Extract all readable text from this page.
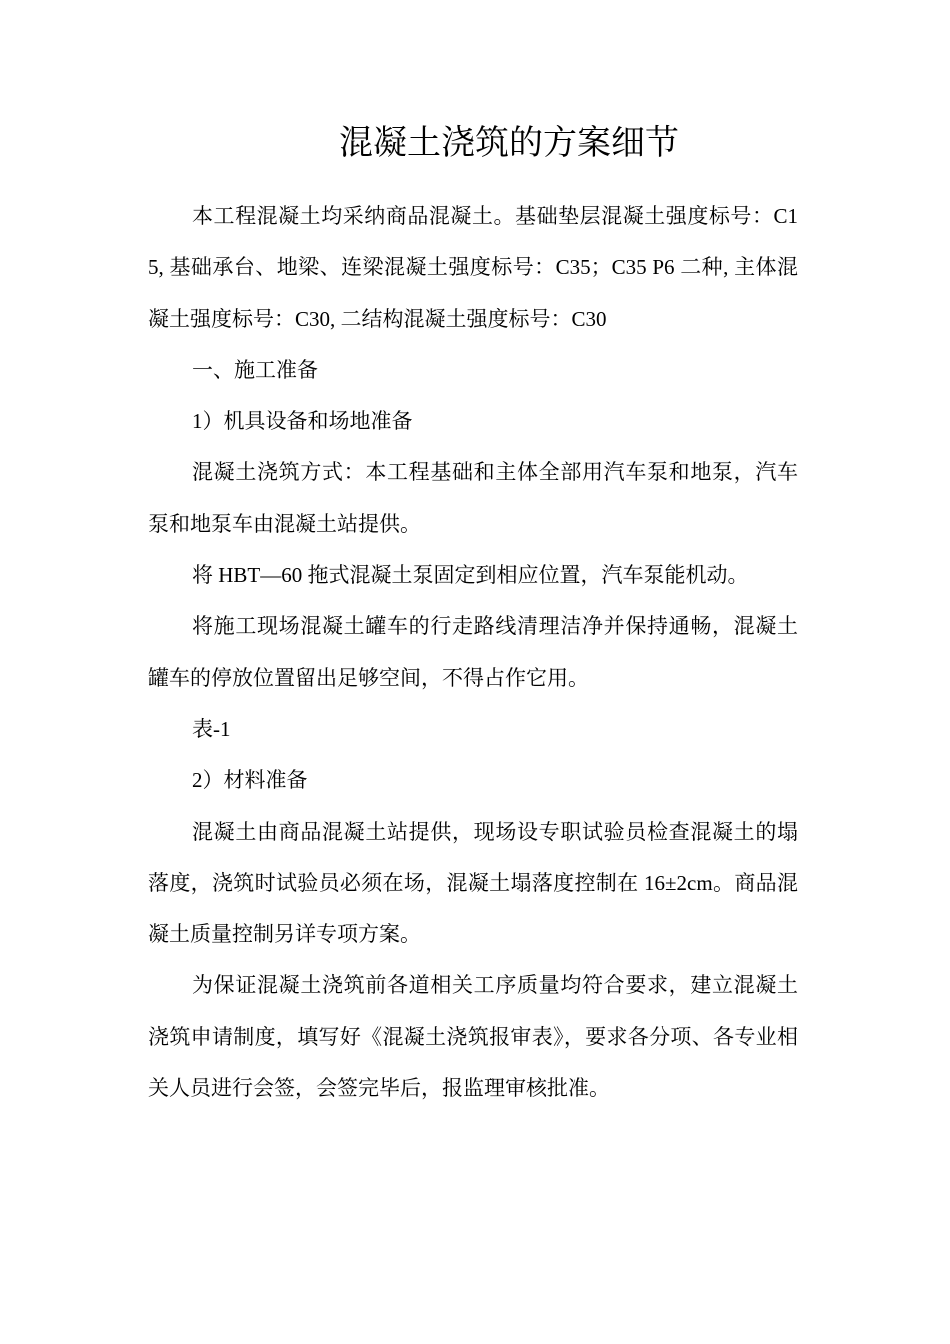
混凝土浇筑的方案细节

本工程混凝土均采纳商品混凝土。基础垫层混凝土强度标号：C15, 基础承台、地梁、连梁混凝土强度标号：C35；C35 P6 二种, 主体混凝土强度标号：C30, 二结构混凝土强度标号：C30

一、施工准备

1）机具设备和场地准备

混凝土浇筑方式：本工程基础和主体全部用汽车泵和地泵，汽车泵和地泵车由混凝土站提供。

将 HBT—60 拖式混凝土泵固定到相应位置，汽车泵能机动。

将施工现场混凝土罐车的行走路线清理洁净并保持通畅，混凝土罐车的停放位置留出足够空间，不得占作它用。

表-1

2）材料准备

混凝土由商品混凝土站提供，现场设专职试验员检查混凝土的塌落度，浇筑时试验员必须在场，混凝土塌落度控制在 16±2cm。商品混凝土质量控制另详专项方案。

为保证混凝土浇筑前各道相关工序质量均符合要求，建立混凝土浇筑申请制度，填写好《混凝土浇筑报审表》，要求各分项、各专业相关人员进行会签，会签完毕后，报监理审核批准。
